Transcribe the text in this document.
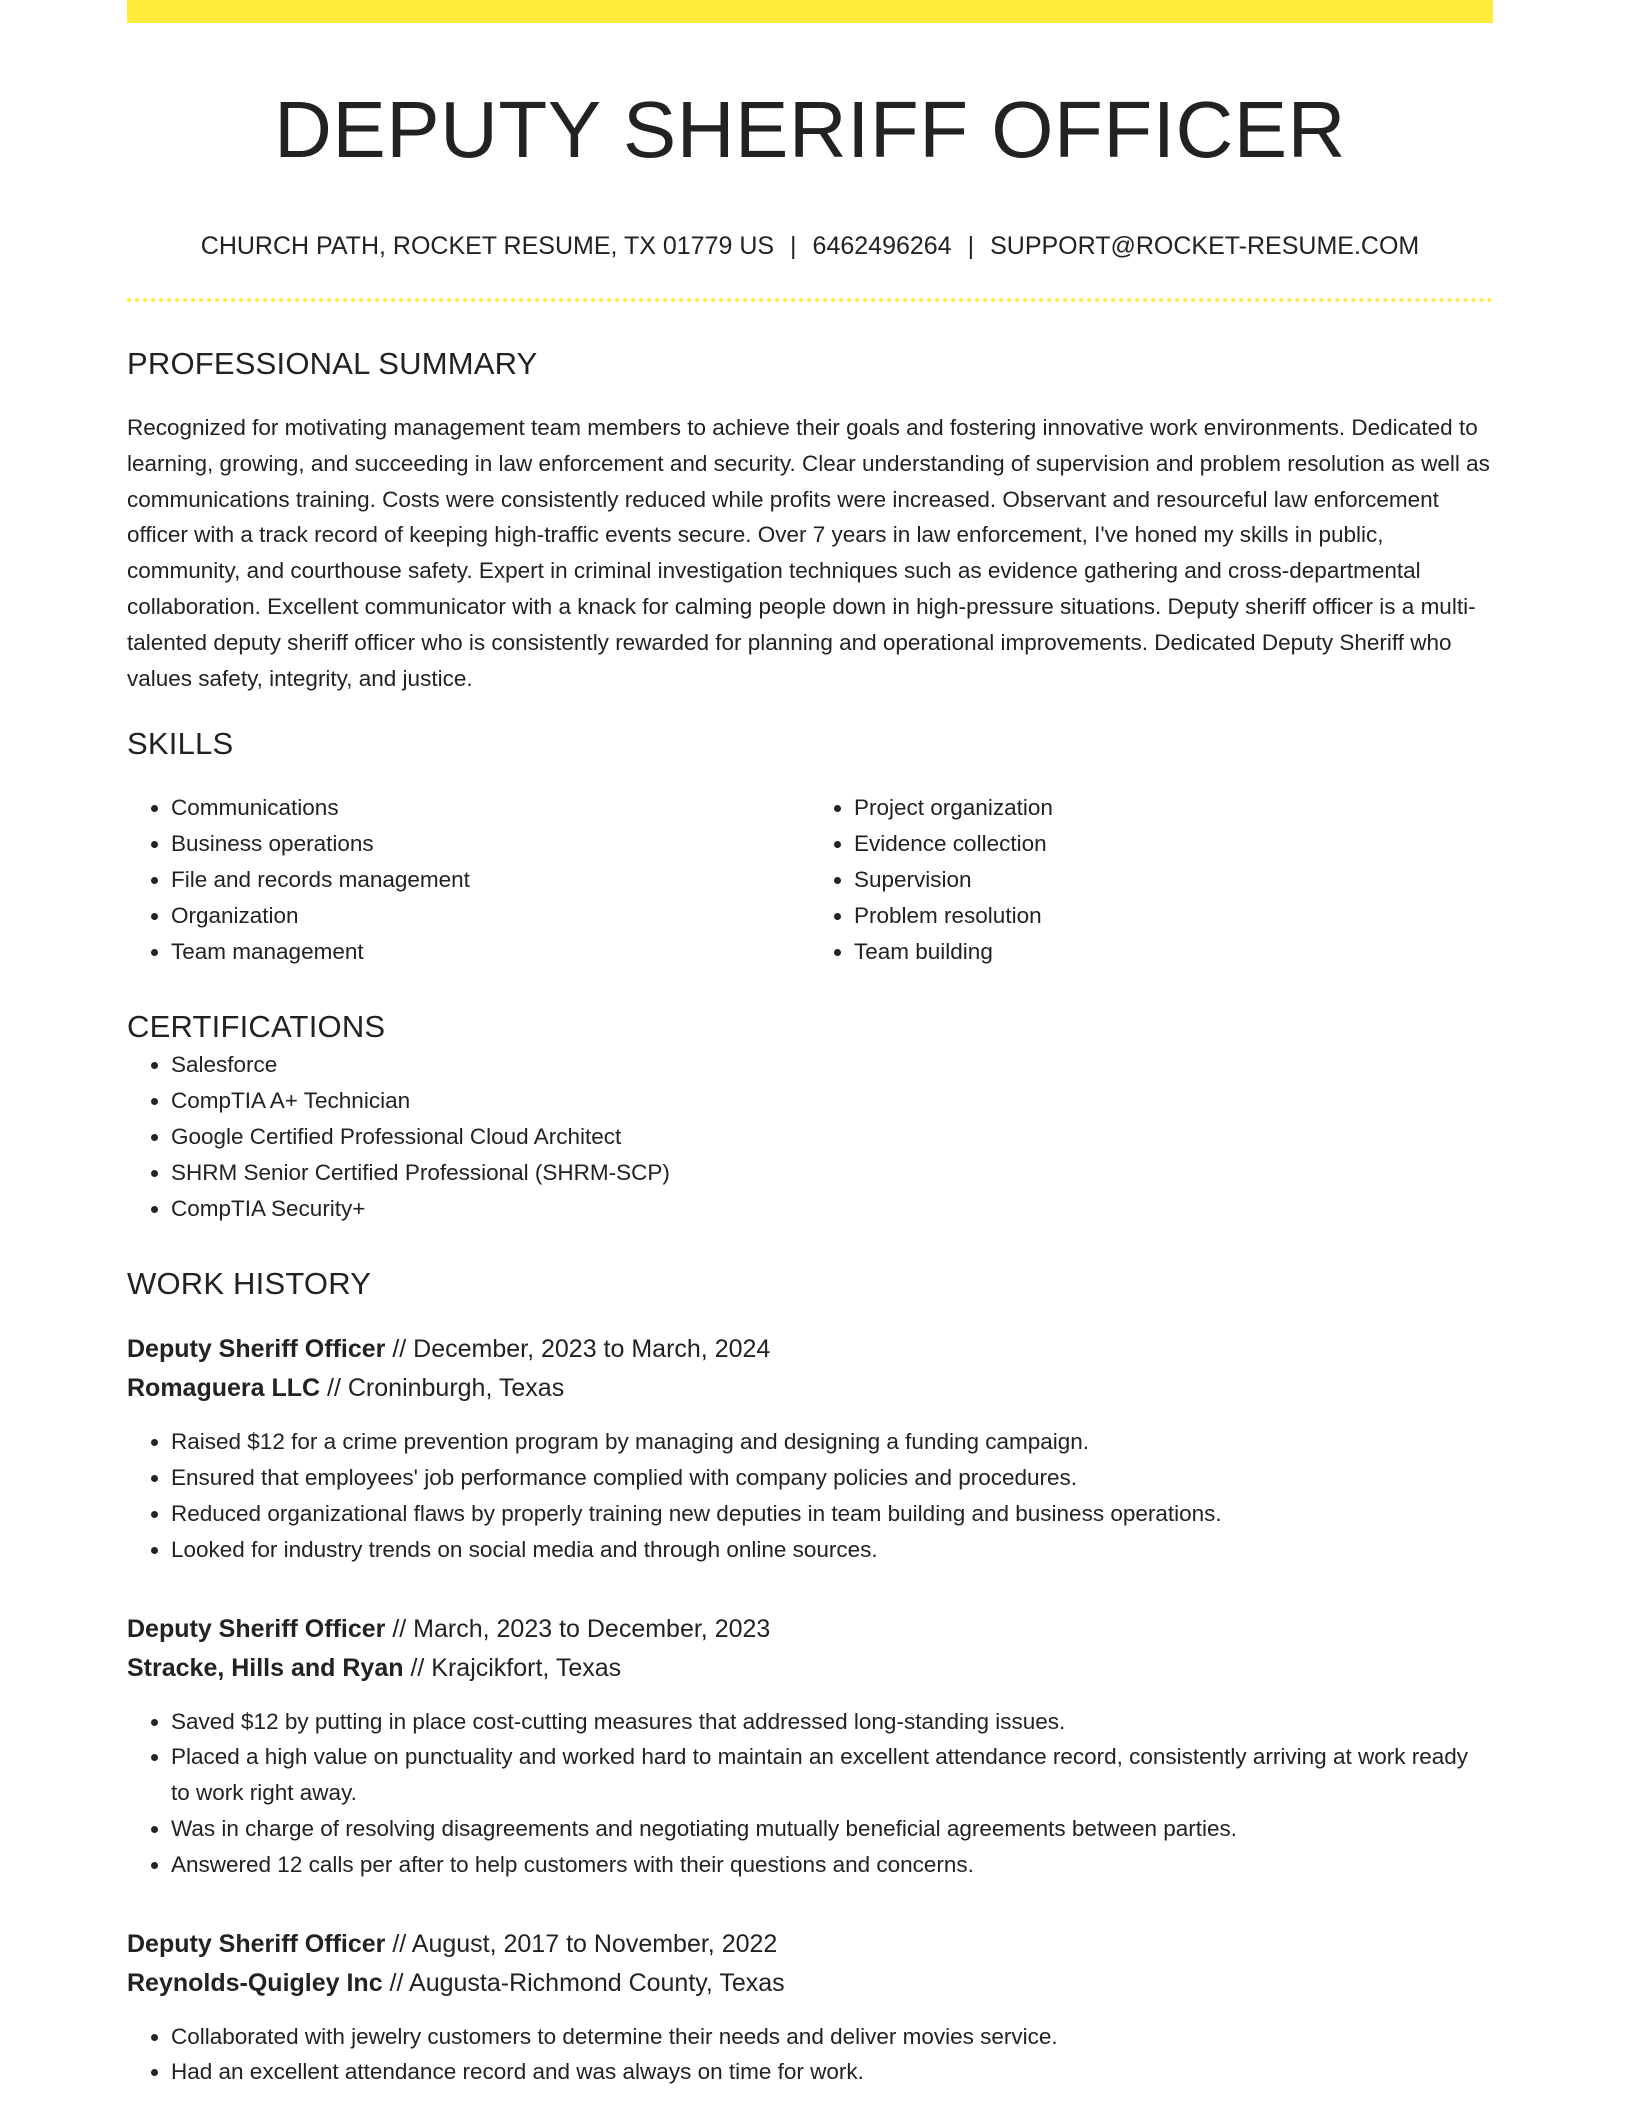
DEPUTY SHERIFF OFFICER
CHURCH PATH, ROCKET RESUME, TX 01779 US | 6462496264 | SUPPORT@ROCKET-RESUME.COM
PROFESSIONAL SUMMARY

Recognized for motivating management team members to achieve their goals and fostering innovative work environments. Dedicated to learning, growing, and succeeding in law enforcement and security. Clear understanding of supervision and problem resolution as well as communications training. Costs were consistently reduced while profits were increased. Observant and resourceful law enforcement officer with a track record of keeping high-traffic events secure. Over 7 years in law enforcement, I've honed my skills in public, community, and courthouse safety. Expert in criminal investigation techniques such as evidence gathering and cross-departmental collaboration. Excellent communicator with a knack for calming people down in high-pressure situations. Deputy sheriff officer is a multi-talented deputy sheriff officer who is consistently rewarded for planning and operational improvements. Dedicated Deputy Sheriff who values safety, integrity, and justice.

SKILLS
• Communications
• Business operations
• File and records management
• Organization
• Team management
• Project organization
• Evidence collection
• Supervision
• Problem resolution
• Team building
CERTIFICATIONS
• Salesforce
• CompTIA A+ Technician
• Google Certified Professional Cloud Architect
• SHRM Senior Certified Professional (SHRM-SCP)
• CompTIA Security+
WORK HISTORY
Deputy Sheriff Officer // December, 2023 to March, 2024
Romaguera LLC // Croninburgh, Texas
• Raised $12 for a crime prevention program by managing and designing a funding campaign.
• Ensured that employees' job performance complied with company policies and procedures.
• Reduced organizational flaws by properly training new deputies in team building and business operations.
• Looked for industry trends on social media and through online sources.
Deputy Sheriff Officer // March, 2023 to December, 2023
Stracke, Hills and Ryan // Krajcikfort, Texas
• Saved $12 by putting in place cost-cutting measures that addressed long-standing issues.
• Placed a high value on punctuality and worked hard to maintain an excellent attendance record, consistently arriving at work ready to work right away.
• Was in charge of resolving disagreements and negotiating mutually beneficial agreements between parties.
• Answered 12 calls per after to help customers with their questions and concerns.
Deputy Sheriff Officer // August, 2017 to November, 2022
Reynolds-Quigley Inc // Augusta-Richmond County, Texas
• Collaborated with jewelry customers to determine their needs and deliver movies service.
• Had an excellent attendance record and was always on time for work.
